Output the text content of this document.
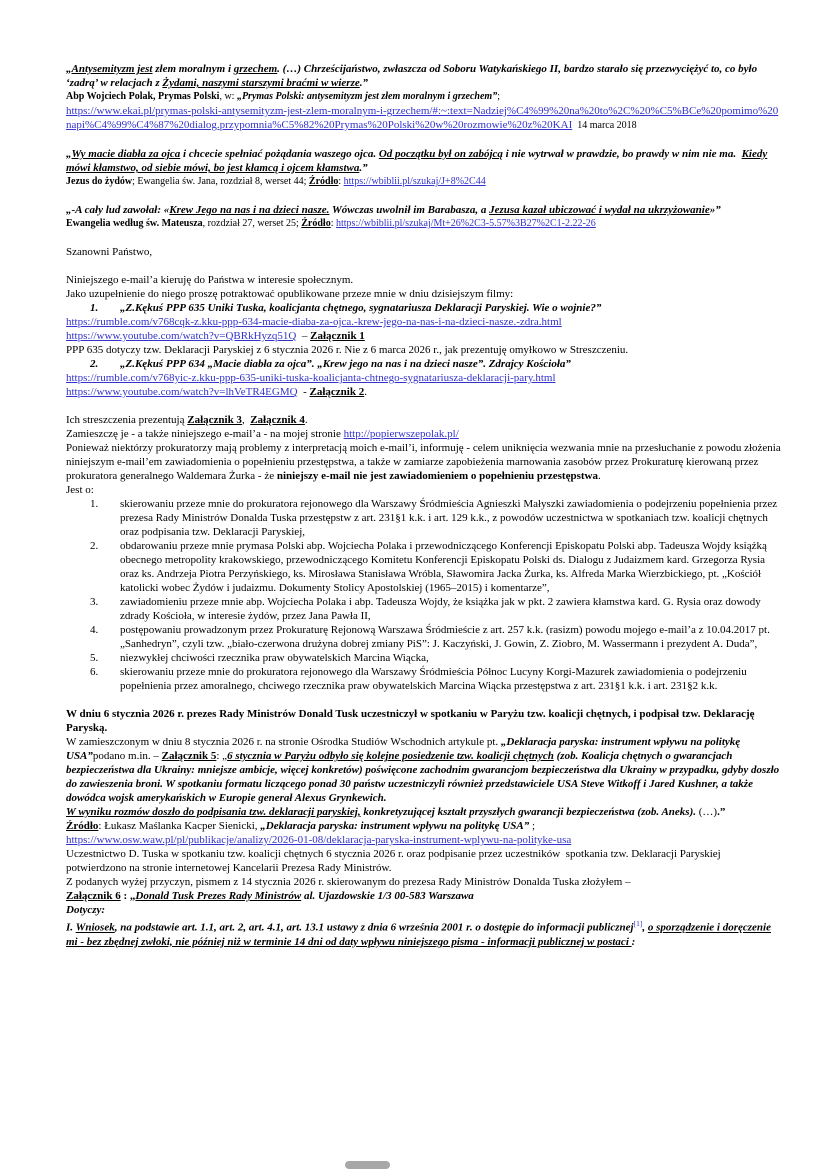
„Antysemityzm jest złem moralnym i grzechem. (…) Chrześcijaństwo, zwłaszcza od Soboru Watykańskiego II, bardzo starało się przezwyciężyć to, co było ‘zadrą’ w relacjach z Żydami, naszymi starszymi braćmi w wierze.”
Abp Wojciech Polak, Prymas Polski, w: „Prymas Polski: antysemityzm jest złem moralnym i grzechem”;
https://www.ekai.pl/prymas-polski-antysemityzm-jest-zlem-moralnym-i-grzechem/#:~:text=Nadziej%C4%99%20na%20to%2C%20%C5%BCe%20pomimo%20napi%C4%99%C4%87%20dialog.przypomnia%C5%82%20Prymas%20Polski%20w%20rozmowie%20z%20KAI  14 marca 2018

„Wy macie diabła za ojca i chcecie spełniać pożądania waszego ojca. Od początku był on zabójcą i nie wytrwał w prawdzie, bo prawdy w nim nie ma.  Kiedy mówi kłamstwo, od siebie mówi, bo jest kłamcą i ojcem kłamstwa.”
Jezus do żydów; Ewangelia św. Jana, rozdział 8, werset 44; Źródło: https://wbiblii.pl/szukaj/J+8%2C44

„-A cały lud zawołał: «Krew Jego na nas i na dzieci nasze. Wówczas uwolnił im Barabasza, a Jezusa kazał ubiczować i wydał na ukrzyżowanie»”
Ewangelia według św. Mateusza, rozdział 27, werset 25; Źródło: https://wbiblii.pl/szukaj/Mt+26%2C3-5.57%3B27%2C1-2.22-26

Szanowni Państwo,

Niniejszego e-mail’a kieruję do Państwa w interesie społecznym.
Jako uzupełnienie do niego proszę potraktować opublikowane przeze mnie w dniu dzisiejszym filmy:
1. „Z.Kękuś PPP 635 Uniki Tuska, koalicjanta chętnego, sygnatariusza Deklaracji Paryskiej. Wie o wojnie?”
https://rumble.com/v768cqk-z.kku-ppp-634-macie-diaba-za-ojca.-krew-jego-na-nas-i-na-dzieci-nasze.-zdra.html
https://www.youtube.com/watch?v=QBRkHyzq51Q  – Załącznik 1
PPP 635 dotyczy tzw. Deklaracji Paryskiej z 6 stycznia 2026 r. Nie z 6 marca 2026 r., jak prezentuję omyłkowo w Streszczeniu.
2. „Z.Kękuś PPP 634 „Macie diabła za ojca”. „Krew jego na nas i na dzieci nasze”. Zdrajcy Kościoła”
https://rumble.com/v768yic-z.kku-ppp-635-uniki-tuska-koalicjanta-chtnego-sygnatariusza-deklaracji-pary.html
https://www.youtube.com/watch?v=lhVeTR4EGMQ  - Załącznik 2.

Ich streszczenia prezentują Załącznik 3,  Załącznik 4.
Zamieszczę je - a także niniejszego e-mail’a - na mojej stronie http://popierwszepolak.pl/
Ponieważ niektórzy prokuratorzy mają problemy z interpretacją moich e-mail’i, informuję - celem uniknięcia wezwania mnie na przesłuchanie z powodu złożenia niniejszym e-mail’em zawiadomienia o popełnieniu przestępstwa, a także w zamiarze zapobieżenia marnowania zasobów przez Prokuraturę kierowaną przez prokuratora generalnego Waldemara Żurka - że niniejszy e-mail nie jest zawiadomieniem o popełnieniu przestępstwa.
Jest o:
1. skierowaniu przeze mnie do prokuratora rejonowego dla Warszawy Śródmieścia Agnieszki Małyszki zawiadomienia o podejrzeniu popełnienia przez prezesa Rady Ministrów Donalda Tuska przestępstw z art. 231§1 k.k. i art. 129 k.k., z powodów uczestnictwa w spotkaniach tzw. koalicji chętnych oraz podpisania tzw. Deklaracji Paryskiej,
2. obdarowaniu przeze mnie prymasa Polski abp. Wojciecha Polaka i przewodniczącego Konferencji Episkopatu Polski abp. Tadeusza Wojdy książką obecnego metropolity krakowskiego, przewodniczącego Komitetu Konferencji Episkopatu Polski ds. Dialogu z Judaizmem kard. Grzegorza Rysia oraz ks. Andrzeja Piotra Perzyńskiego, ks. Mirosława Stanisława Wróbla, Sławomira Jacka Żurka, ks. Alfreda Marka Wierzbickiego, pt. „Kościół katolicki wobec Żydów i judaizmu. Dokumenty Stolicy Apostolskiej (1965–2015) i komentarze”,
3. zawiadomieniu przeze mnie abp. Wojciecha Polaka i abp. Tadeusza Wojdy, że książka jak w pkt. 2 zawiera kłamstwa kard. G. Rysia oraz dowody zdrady Kościoła, w interesie żydów, przez Jana Pawła II,
4. postępowaniu prowadzonym przez Prokuraturę Rejonową Warszawa Śródmieście z art. 257 k.k. (rasizm) powodu mojego e-mail’a z 10.04.2017 pt. „Sanhedryn”, czyli tzw. „biało-czerwona drużyna dobrej zmiany PiS”: J. Kaczyński, J. Gowin, Z. Ziobro, M. Wassermann i prezydent A. Duda”,
5. niezwykłej chciwości rzecznika praw obywatelskich Marcina Wiącka,
6. skierowaniu przeze mnie do prokuratora rejonowego dla Warszawy Śródmieścia Północ Lucyny Korgi-Mazurek zawiadomienia o podejrzeniu popełnienia przez amoralnego, chciwego rzecznika praw obywatelskich Marcina Wiącka przestępstwa z art. 231§1 k.k. i art. 231§2 k.k.

W dniu 6 stycznia 2026 r. prezes Rady Ministrów Donald Tusk uczestniczył w spotkaniu w Paryżu tzw. koalicji chętnych, i podpisał tzw. Deklarację Paryską.
W zamieszczonym w dniu 8 stycznia 2026 r. na stronie Ośrodka Studiów Wschodnich artykule pt. „Deklaracja paryska: instrument wpływu na politykę USA”podano m.in. – Załącznik 5: „6 stycznia w Paryżu odbyło się kolejne posiedzenie tzw. koalicji chętnych (zob. Koalicja chętnych o gwarancjach bezpieczeństwa dla Ukrainy: mniejsze ambicje, więcej konkretów) poświęcone zachodnim gwarancjom bezpieczeństwa dla Ukrainy w przypadku, gdyby doszło do zawieszenia broni. W spotkaniu formatu liczącego ponad 30 państw uczestniczyli również przedstawiciele USA Steve Witkoff i Jared Kushner, a także dowódca wojsk amerykańskich w Europie generał Alexus Grynkewich.
W wyniku rozmów doszło do podpisania tzw. deklaracji paryskiej, konkretyzującej kształt przyszłych gwarancji bezpieczeństwa (zob. Aneks). (…).”
Źródło: Łukasz Maślanka Kacper Sienicki, „Deklaracja paryska: instrument wpływu na politykę USA” ;
https://www.osw.waw.pl/pl/publikacje/analizy/2026-01-08/deklaracja-paryska-instrument-wplywu-na-polityke-usa
Uczestnictwo D. Tuska w spotkaniu tzw. koalicji chętnych 6 stycznia 2026 r. oraz podpisanie przez uczestników  spotkania tzw. Deklaracji Paryskiej potwierdzono na stronie internetowej Kancelarii Prezesa Rady Ministrów.
Z podanych wyżej przyczyn, pismem z 14 stycznia 2026 r. skierowanym do prezesa Rady Ministrów Donalda Tuska złożyłem –
Załącznik 6 : „Donald Tusk Prezes Rady Ministrów al. Ujazdowskie 1/3 00-583 Warszawa
Dotyczy:
I. Wniosek, na podstawie art. 1.1, art. 2, art. 4.1, art. 13.1 ustawy z dnia 6 września 2001 r. o dostępie do informacji publicznej[1], o sporządzenie i doręczenie mi - bez zbędnej zwłoki, nie później niż w terminie 14 dni od daty wpływu niniejszego pisma - informacji publicznej w postaci :
